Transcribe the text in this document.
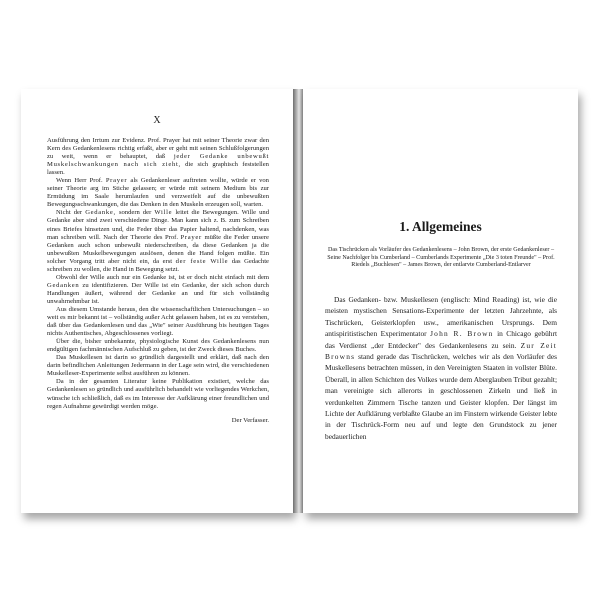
X

Ausführung den Irrtum zur Evidenz. Prof. Prayer hat mit seiner Theorie zwar den Kern des Gedankenlesens richtig erfaßt, aber er geht mit seinen Schlußfolgerungen zu weit, wenn er behauptet, daß jeder Gedanke unbewußt Muskelschwankungen nach sich zieht, die sich graphisch feststellen lassen.

Wenn Herr Prof. Prayer als Gedankenleser auftreten wollte, würde er von seiner Theorie arg im Stiche gelassen; er würde mit seinem Medium bis zur Ermüdung im Saale herumlaufen und verzweifelt auf die unbewußten Bewegungsschwankungen, die das Denken in den Muskeln erzeugen soll, warten.

Nicht der Gedanke, sondern der Wille leitet die Bewegungen. Wille und Gedanke aber sind zwei verschiedene Dinge. Man kann sich z. B. zum Schreiben eines Briefes hinsetzen und, die Feder über das Papier haltend, nachdenken, was man schreiben will. Nach der Theorie des Prof. Prayer müßte die Feder unsere Gedanken auch schon unbewußt niederschreiben, da diese Gedanken ja die unbewußten Muskelbewegungen auslösen, denen die Hand folgen müßte. Ein solcher Vorgang tritt aber nicht ein, da erst der feste Wille das Gedachte schreiben zu wollen, die Hand in Bewegung setzt.

Obwohl der Wille auch nur ein Gedanke ist, ist er doch nicht einfach mit dem Gedanken zu identifizieren. Der Wille ist ein Gedanke, der sich schon durch Handlungen äußert, während der Gedanke an und für sich vollständig unwahrnehmbar ist.

Aus diesem Umstande heraus, den die wissenschaftlichen Untersuchungen – so weit es mir bekannt ist – vollständig außer Acht gelassen haben, ist es zu verstehen, daß über das Gedankenlesen und das „Wie" seiner Ausführung bis heutigen Tages nichts Authentisches, Abgeschlossenes vorliegt.

Über die, bisher unbekannte, physiologische Kunst des Gedankenlesens nun endgültigen fachmännischen Aufschluß zu geben, ist der Zweck dieses Buches.

Das Muskellesen ist darin so gründlich dargestellt und erklärt, daß nach den darin befindlichen Anleitungen Jedermann in der Lage sein wird, die verschiedenen Muskelleser-Experimente selbst ausführen zu können.

Da in der gesamten Literatur keine Publikation existiert, welche das Gedankenlesen so gründlich und ausführlich behandelt wie vorliegendes Werkchen, wünsche ich schließlich, daß es im Interesse der Aufklärung einer freundlichen und regen Aufnahme gewürdigt werden möge.

Der Verfasser.

1. Allgemeines
Das Tischrücken als Vorläufer des Gedankenlesens – John Brown, der erste Gedankenleser – Seine Nachfolger bis Cumberland – Cumberlands Experimente „Die 3 toten Freunde" – Prof. Riedels „Buchlesen" – James Brown, der entlarvte Cumberland-Entlarver

Das Gedanken- bzw. Muskellesen (englisch: Mind Reading) ist, wie die meisten mystischen Sensations-Experimente der letzten Jahrzehnte, als Tischrücken, Geisterklopfen usw., amerikanischen Ursprungs. Dem antispiritistischen Experimentator John R. Brown in Chicago gebührt das Verdienst „der Entdecker" des Gedankenlesens zu sein. Zur Zeit Browns stand gerade das Tischrücken, welches wir als den Vorläufer des Muskellesens betrachten müssen, in den Vereinigten Staaten in vollster Blüte. Überall, in allen Schichten des Volkes wurde dem Aberglauben Tribut gezahlt; man vereinigte sich allerorts in geschlossenen Zirkeln und ließ in verdunkelten Zimmern Tische tanzen und Geister klopfen. Der längst im Lichte der Aufklärung verblaßte Glaube an im Finstern wirkende Geister lebte in der Tischrück-Form neu auf und legte den Grundstock zu jener bedauerlichen
